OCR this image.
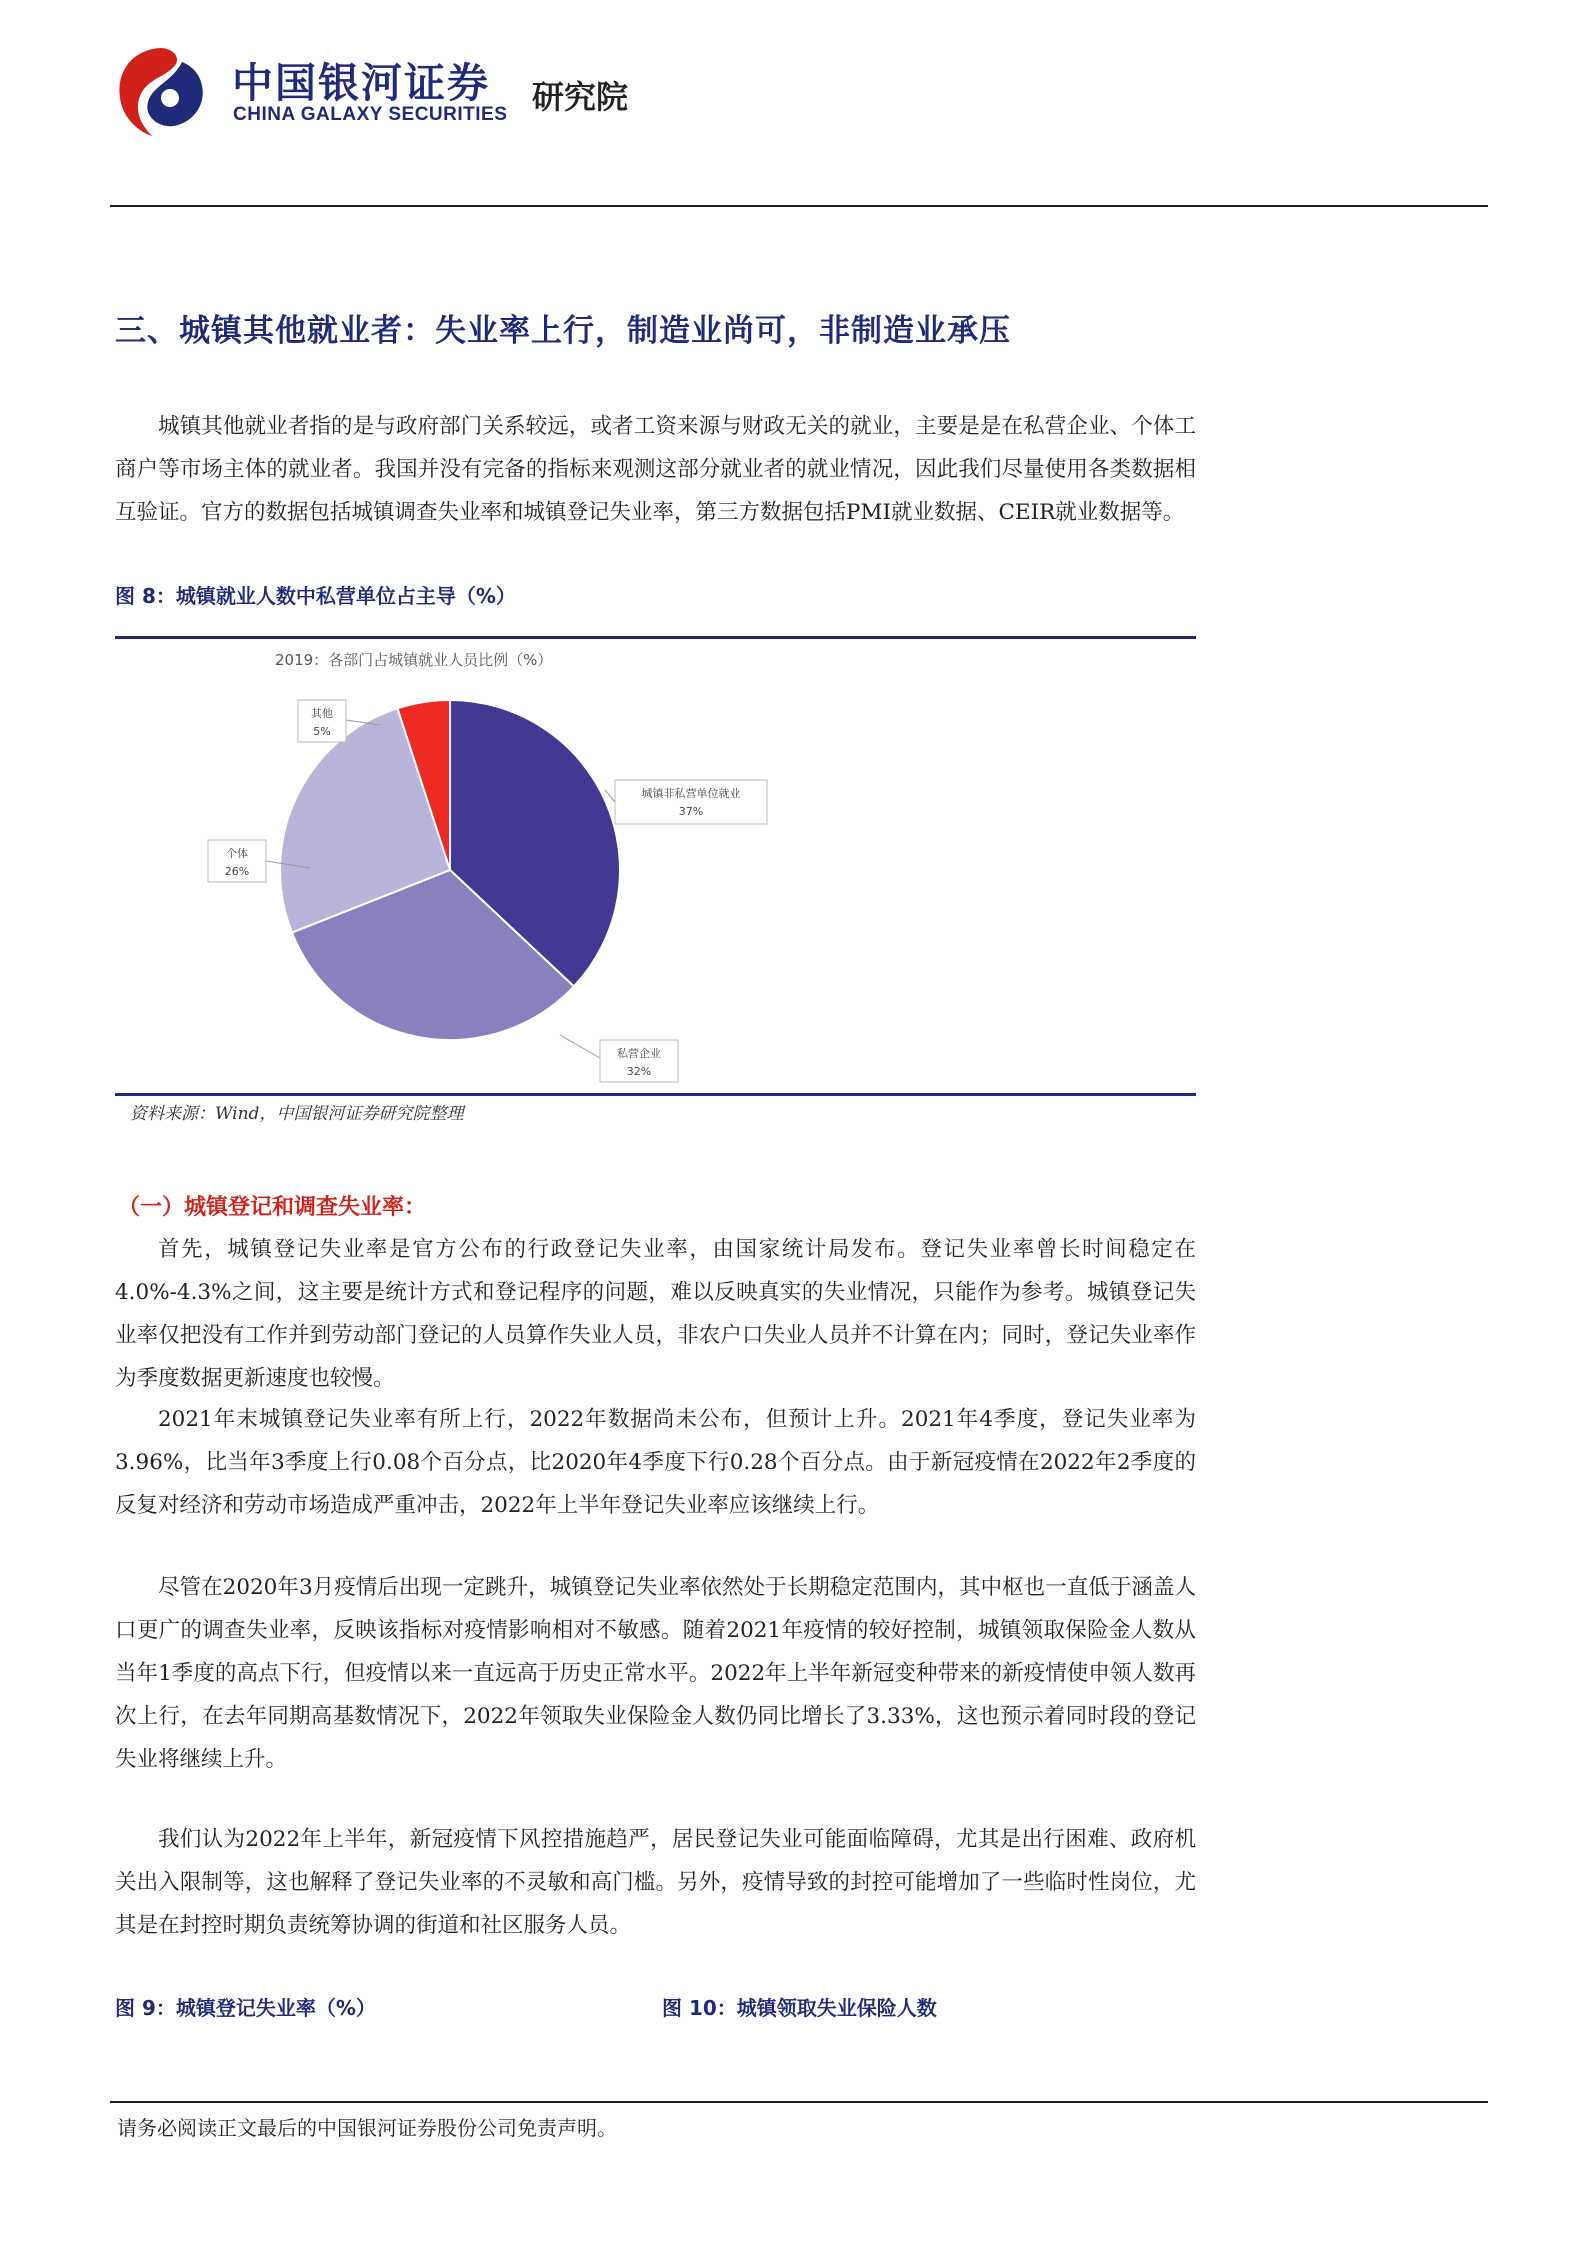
中国银河证券
CHINA GALAXY SECURITIES 研究院
三、城镇其他就业者：失业率上行，制造业尚可，非制造业承压

城镇其他就业者指的是与政府部门关系较远，或者工资来源与财政无关的就业，主要是是在私营企业、个体工商户等市场主体的就业者。我国并没有完备的指标来观测这部分就业者的就业情况，因此我们尽量使用各类数据相互验证。官方的数据包括城镇调查失业率和城镇登记失业率，第三方数据包括PMI就业数据、CEIR就业数据等。

图 8：城镇就业人数中私营单位占主导（%）
2019：各部门占城镇就业人员比例（%）
城镇非私营单位就业
37%
私营企业
32%
个体
26%
其他
5%
资料来源：Wind，中国银河证券研究院整理
（一）城镇登记和调查失业率：

首先，城镇登记失业率是官方公布的行政登记失业率，由国家统计局发布。登记失业率曾长时间稳定在4.0%-4.3%之间，这主要是统计方式和登记程序的问题，难以反映真实的失业情况，只能作为参考。城镇登记失业率仅把没有工作并到劳动部门登记的人员算作失业人员，非农户口失业人员并不计算在内；同时，登记失业率作为季度数据更新速度也较慢。

2021年末城镇登记失业率有所上行，2022年数据尚未公布，但预计上升。2021年4季度，登记失业率为3.96%，比当年3季度上行0.08个百分点，比2020年4季度下行0.28个百分点。由于新冠疫情在2022年2季度的反复对经济和劳动市场造成严重冲击，2022年上半年登记失业率应该继续上行。

尽管在2020年3月疫情后出现一定跳升，城镇登记失业率依然处于长期稳定范围内，其中枢也一直低于涵盖人口更广的调查失业率，反映该指标对疫情影响相对不敏感。随着2021年疫情的较好控制，城镇领取保险金人数从当年1季度的高点下行，但疫情以来一直远高于历史正常水平。2022年上半年新冠变种带来的新疫情使申领人数再次上行，在去年同期高基数情况下，2022年领取失业保险金人数仍同比增长了3.33%，这也预示着同时段的登记失业将继续上升。

我们认为2022年上半年，新冠疫情下风控措施趋严，居民登记失业可能面临障碍，尤其是出行困难、政府机关出入限制等，这也解释了登记失业率的不灵敏和高门槛。另外，疫情导致的封控可能增加了一些临时性岗位，尤其是在封控时期负责统筹协调的街道和社区服务人员。

图 9：城镇登记失业率（%）	图 10：城镇领取失业保险人数
请务必阅读正文最后的中国银河证券股份公司免责声明。
